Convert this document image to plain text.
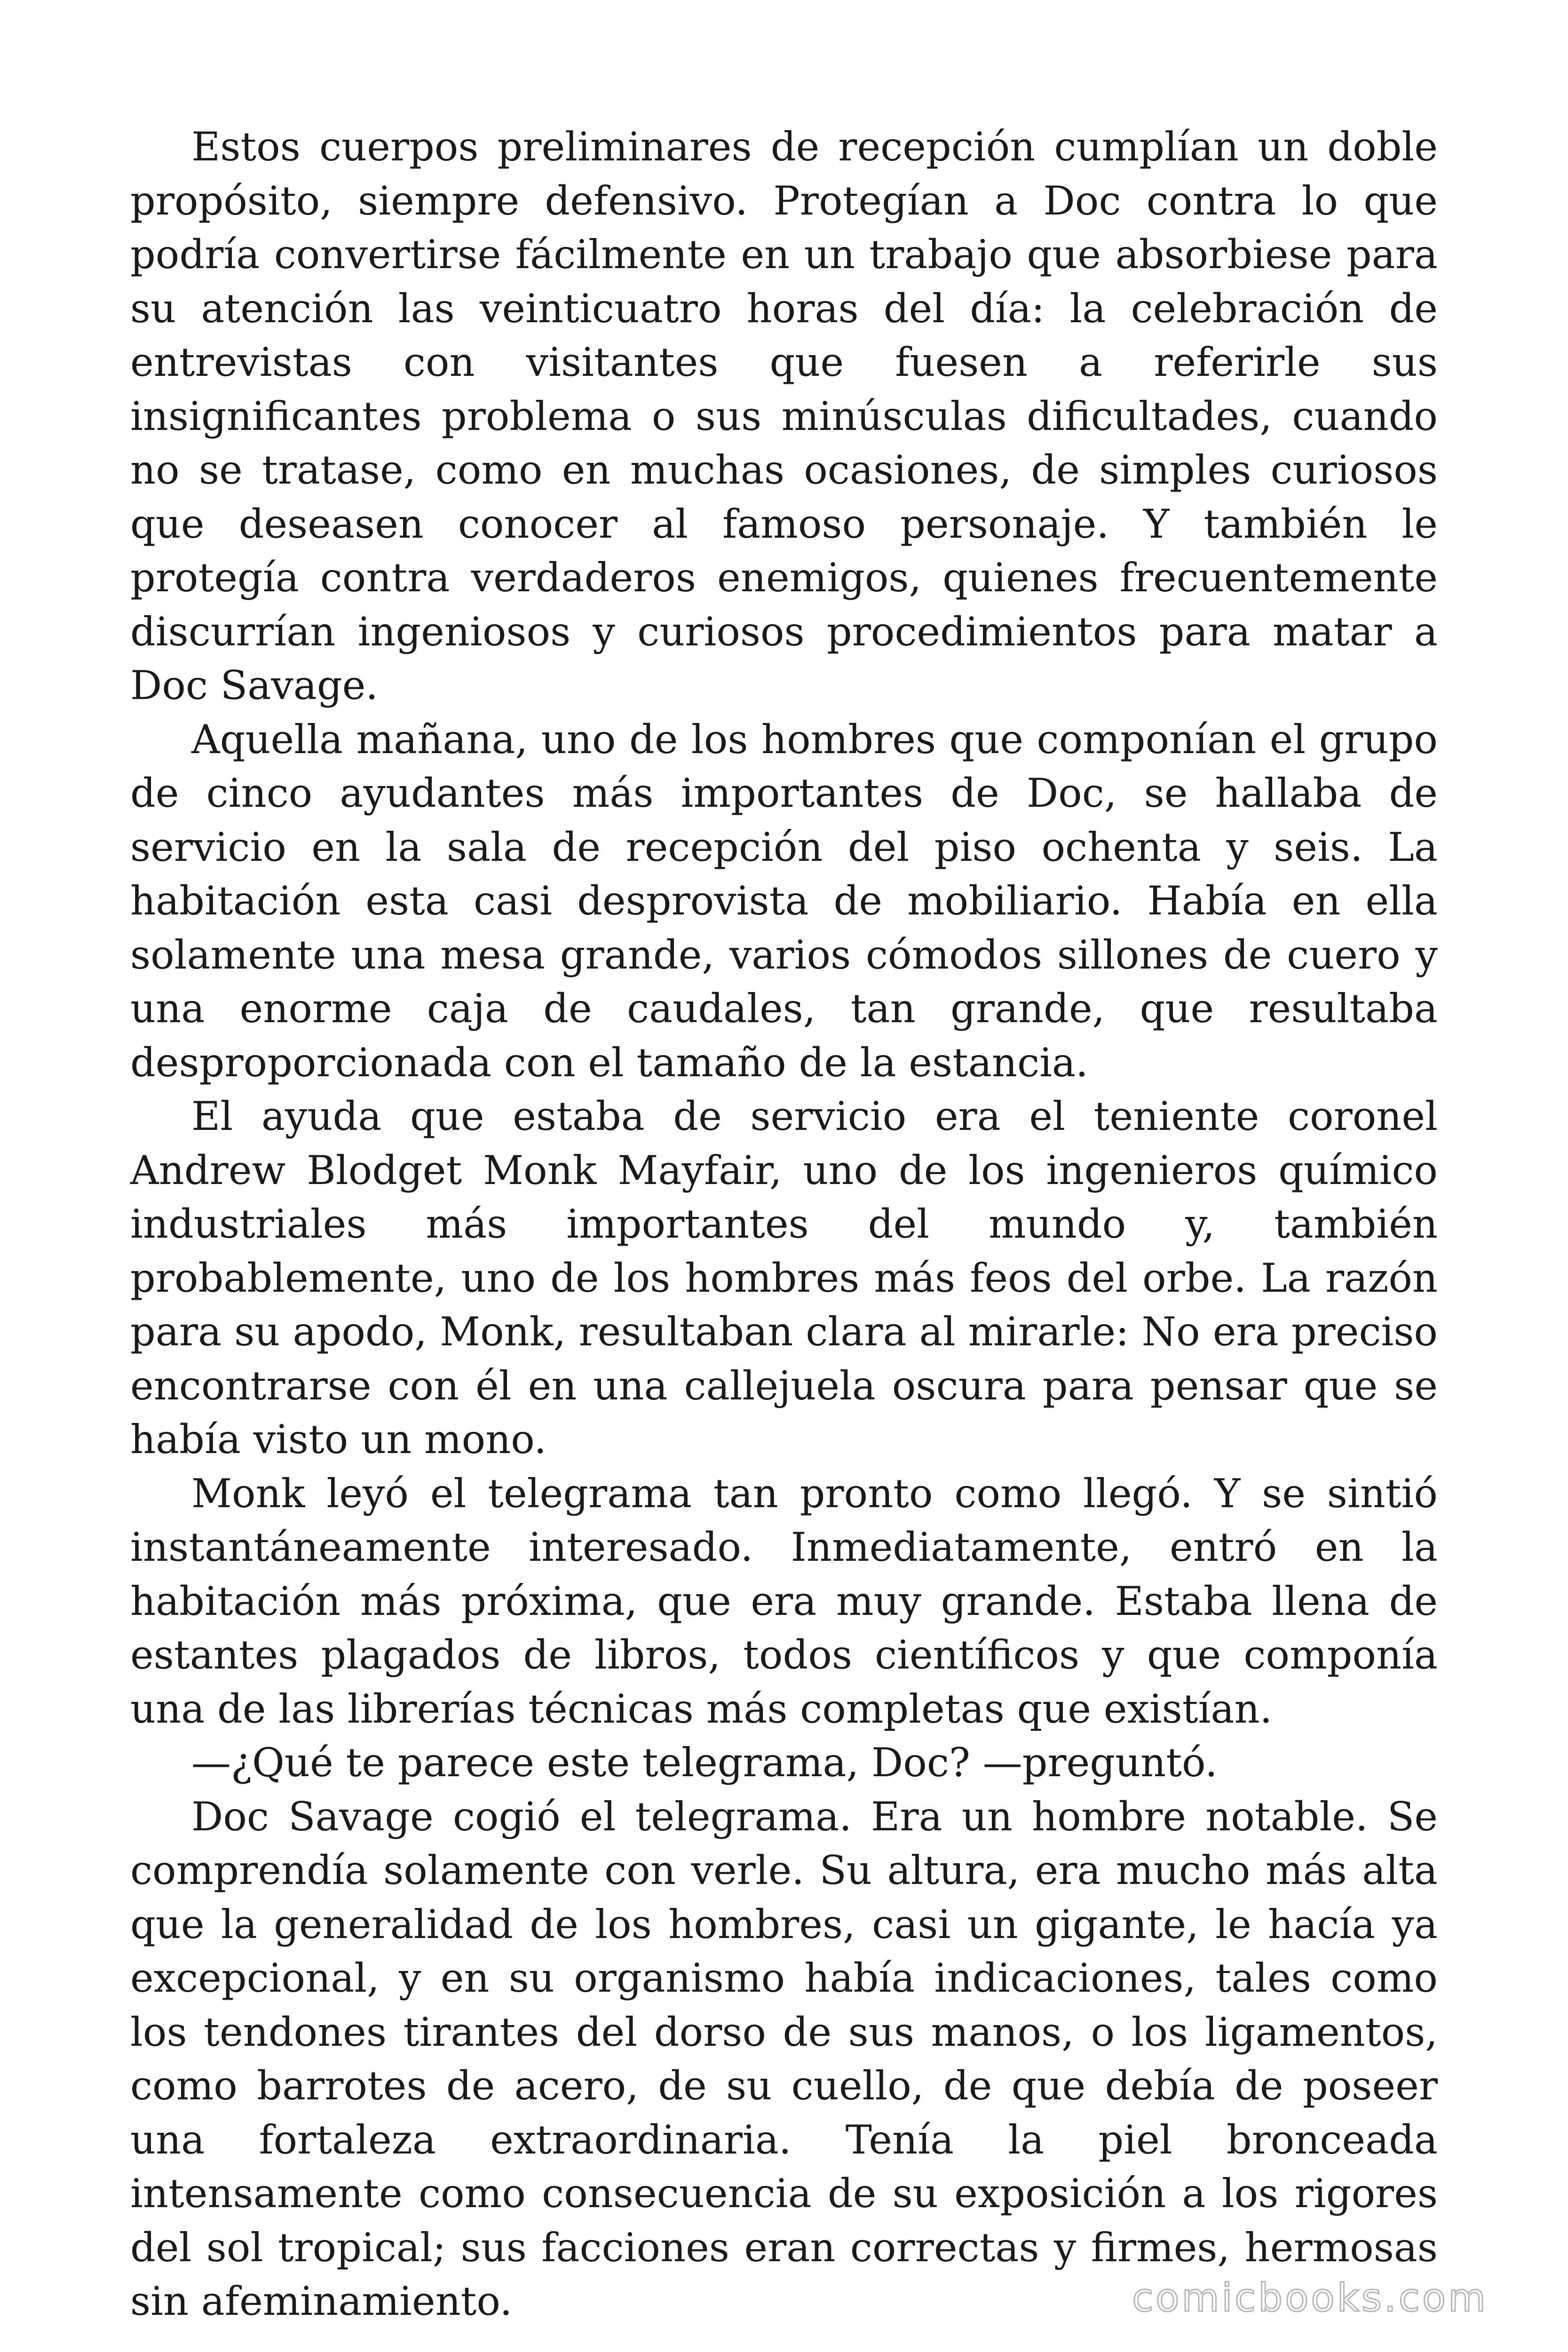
Estos cuerpos preliminares de recepción cumplían un doble propósito, siempre defensivo. Protegían a Doc contra lo que podría convertirse fácilmente en un trabajo que absorbiese para su atención las veinticuatro horas del día: la celebración de entrevistas con visitantes que fuesen a referirle sus insignificantes problema o sus minúsculas dificultades, cuando no se tratase, como en muchas ocasiones, de simples curiosos que deseasen conocer al famoso personaje. Y también le protegía contra verdaderos enemigos, quienes frecuentemente discurrían ingeniosos y curiosos procedimientos para matar a Doc Savage.

Aquella mañana, uno de los hombres que componían el grupo de cinco ayudantes más importantes de Doc, se hallaba de servicio en la sala de recepción del piso ochenta y seis. La habitación esta casi desprovista de mobiliario. Había en ella solamente una mesa grande, varios cómodos sillones de cuero y una enorme caja de caudales, tan grande, que resultaba desproporcionada con el tamaño de la estancia.

El ayuda que estaba de servicio era el teniente coronel Andrew Blodget Monk Mayfair, uno de los ingenieros químico industriales más importantes del mundo y, también probablemente, uno de los hombres más feos del orbe. La razón para su apodo, Monk, resultaban clara al mirarle: No era preciso encontrarse con él en una callejuela oscura para pensar que se había visto un mono.

Monk leyó el telegrama tan pronto como llegó. Y se sintió instantáneamente interesado. Inmediatamente, entró en la habitación más próxima, que era muy grande. Estaba llena de estantes plagados de libros, todos científicos y que componía una de las librerías técnicas más completas que existían.

—¿Qué te parece este telegrama, Doc? —preguntó.

Doc Savage cogió el telegrama. Era un hombre notable. Se comprendía solamente con verle. Su altura, era mucho más alta que la generalidad de los hombres, casi un gigante, le hacía ya excepcional, y en su organismo había indicaciones, tales como los tendones tirantes del dorso de sus manos, o los ligamentos, como barrotes de acero, de su cuello, de que debía de poseer una fortaleza extraordinaria. Tenía la piel bronceada intensamente como consecuencia de su exposición a los rigores del sol tropical; sus facciones eran correctas y firmes, hermosas sin afeminamiento.	comicbooks.com
